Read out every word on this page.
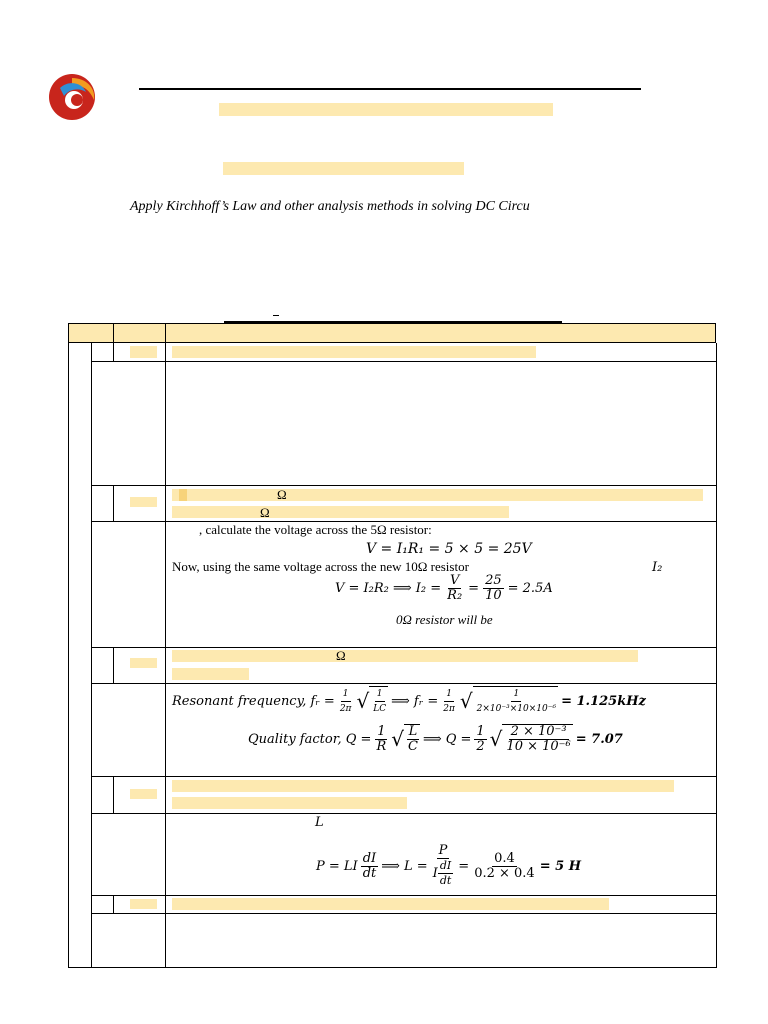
Apply Kirchhoff’s Law and other analysis methods in solving DC Circu
Ω
Ω
, calculate the voltage across the 5Ω resistor:
V = I₁R₁ = 5 × 5 = 25V
Now, using the same voltage across the new 10Ω resistor	I₂
V = I₂R₂ ⟹ $I_2 = \frac{V}{\text{R₂}} = \frac{25}{10} = 2.5A$
0Ω resistor will be
Ω
Resonant frequency, fᵣ = $\frac{1}{2\pi}$ √ $\frac{1}{LC}$ ⟹ fᵣ = $\frac{1}{2\pi}$ √ $\frac{1}{\text{2×10⁻³×10×10⁻⁶}} = 1.125kHz$
Quality factor, $Q = \frac{1}{R}$ √ $\frac{L}{C}$ ⟹ $Q = \frac{1}{2}$ √ $\frac{\text{2 × 10⁻³}}{\text{10 × 10⁻⁶}} = 7.07$
L
P = LI $\frac{dI}{dt}$ ⟹ $L = \frac{P}{I \frac{dI}{dt}} = \frac{0.4}{0.2 \times 0.4} = 5$ H
